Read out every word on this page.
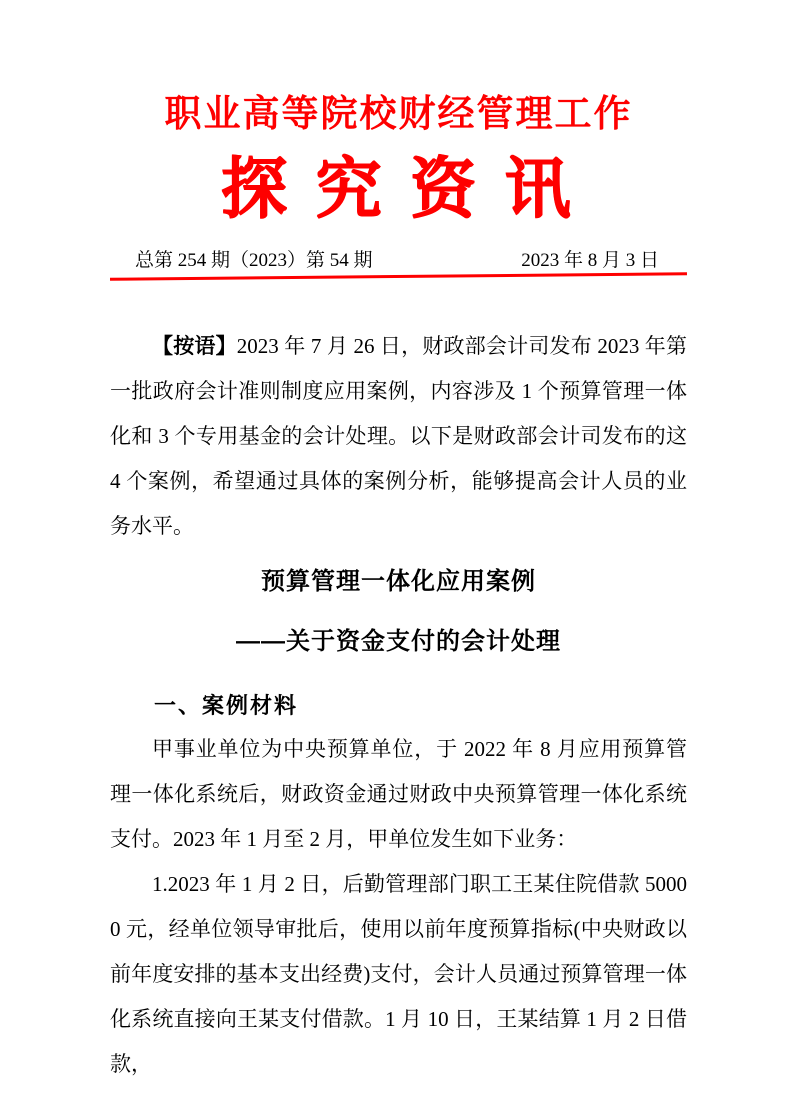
职业高等院校财经管理工作
探 究 资 讯
总第 254 期（2023）第 54 期	2023 年 8 月 3 日

【按语】2023 年 7 月 26 日，财政部会计司发布 2023 年第一批政府会计准则制度应用案例，内容涉及 1 个预算管理一体化和 3 个专用基金的会计处理。以下是财政部会计司发布的这 4 个案例，希望通过具体的案例分析，能够提高会计人员的业务水平。

预算管理一体化应用案例
——关于资金支付的会计处理
一、案例材料

甲事业单位为中央预算单位，于 2022 年 8 月应用预算管理一体化系统后，财政资金通过财政中央预算管理一体化系统支付。2023 年 1 月至 2 月，甲单位发生如下业务：

1.2023 年 1 月 2 日，后勤管理部门职工王某住院借款 50000 元，经单位领导审批后，使用以前年度预算指标(中央财政以前年度安排的基本支出经费)支付，会计人员通过预算管理一体化系统直接向王某支付借款。1 月 10 日，王某结算 1 月 2 日借款，
